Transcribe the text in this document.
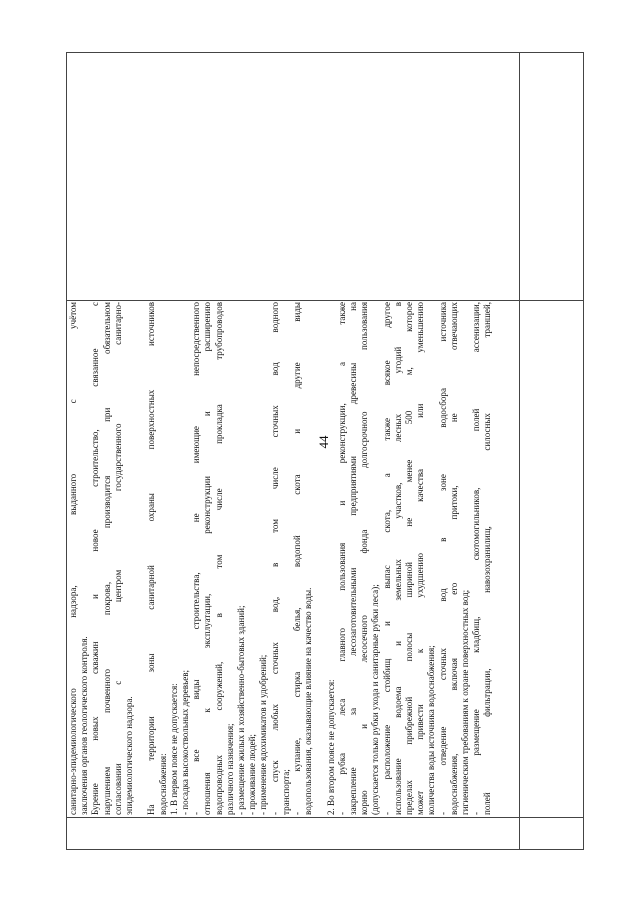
44

санитарно-эпидемиологического надзора, выданного с учётом заключения органов геологического контроля. Бурение новых скважин и новое строительство, связанное с нарушением почвенного покрова, производится при обязательном согласовании с центром государственного санитарно- эпидемиологического надзора. На территории зоны санитарной охраны поверхностных источников водоснабжения: 1. В первом поясе не допускается: - посадка высокоствольных деревьев; - все виды строительства, не имеющие непосредственного отношения к эксплуатации, реконструкции и расширению водопроводных сооружений, в том числе прокладка трубопроводов различного назначения; - размещение жилых и хозяйственно-бытовых зданий; - проживание людей; - применение ядохимикатов и удобрений; - спуск любых сточных вод, в том числе сточных вод водного транспорта; - купание, стирка белья, водопой скота и другие виды водопользования, оказывающие влияние на качество воды. 2. Во втором поясе не допускается: - рубка леса главного пользования и реконструкции, а также закрепление за лесозаготовительными предприятиями древесины на корню и лесосечного фонда долгосрочного пользования (допускается только рубки ухода и санитарные рубки леса); - расположение стойбищ и выпас скота, а также всякое другое использование водоема и земельных участков, лесных угодий в пределах прибрежной полосы шириной не менее 500 м, которое может привести к ухудшению качества или уменьшению количества воды источника водоснабжения; - отведение сточных вод в зоне водосбора источника водоснабжения, включая его притоки, не отвечающих гигиеническим требованиям к охране поверхностных вод; - размещение кладбищ, скотомогильников, полей ассенизации, полей фильтрации, навозохранилищ, силосных траншей,
